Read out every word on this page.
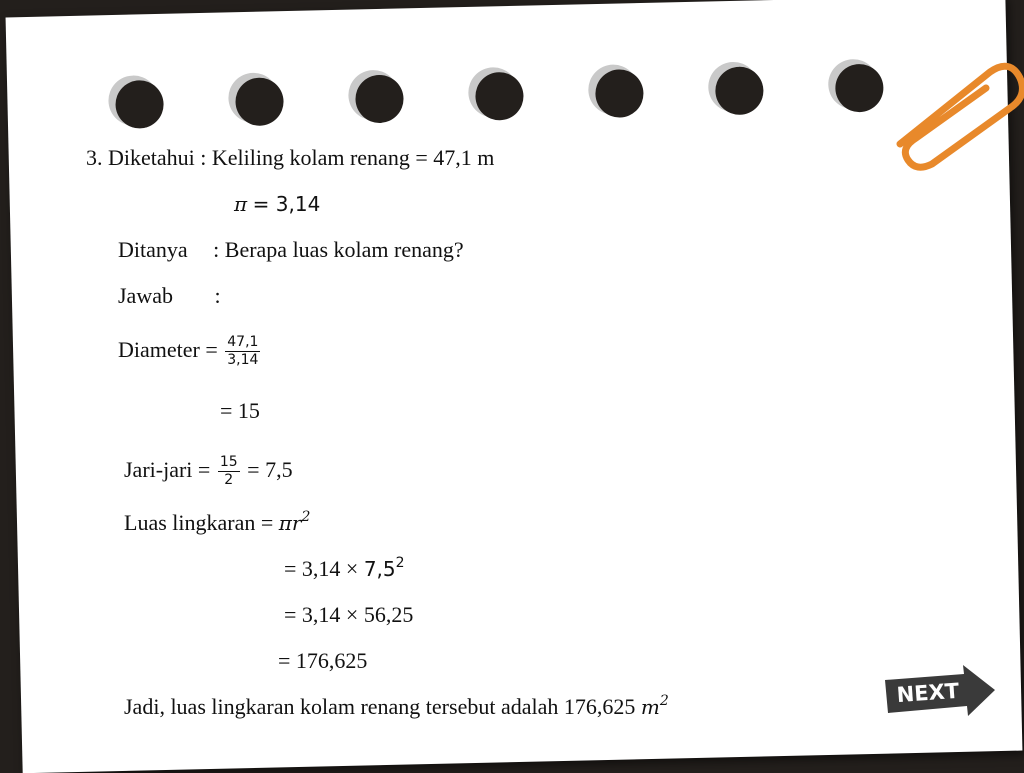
3. Diketahui : Keliling kolam renang = 47,1 m
π = 3,14
Ditanya : Berapa luas kolam renang?
Jawab :
Diameter = $\frac{47,1}{3,14}$
= 15
Jari-jari = $\frac{15}{2} = 7,5$
Luas lingkaran = $\pi r^2$
= $3,14 \times 7,5^2$
= 3,14 × 56,25
= 176,625
Jadi, luas lingkaran kolam renang tersebut adalah 176,625 $m^2$	NEXT
